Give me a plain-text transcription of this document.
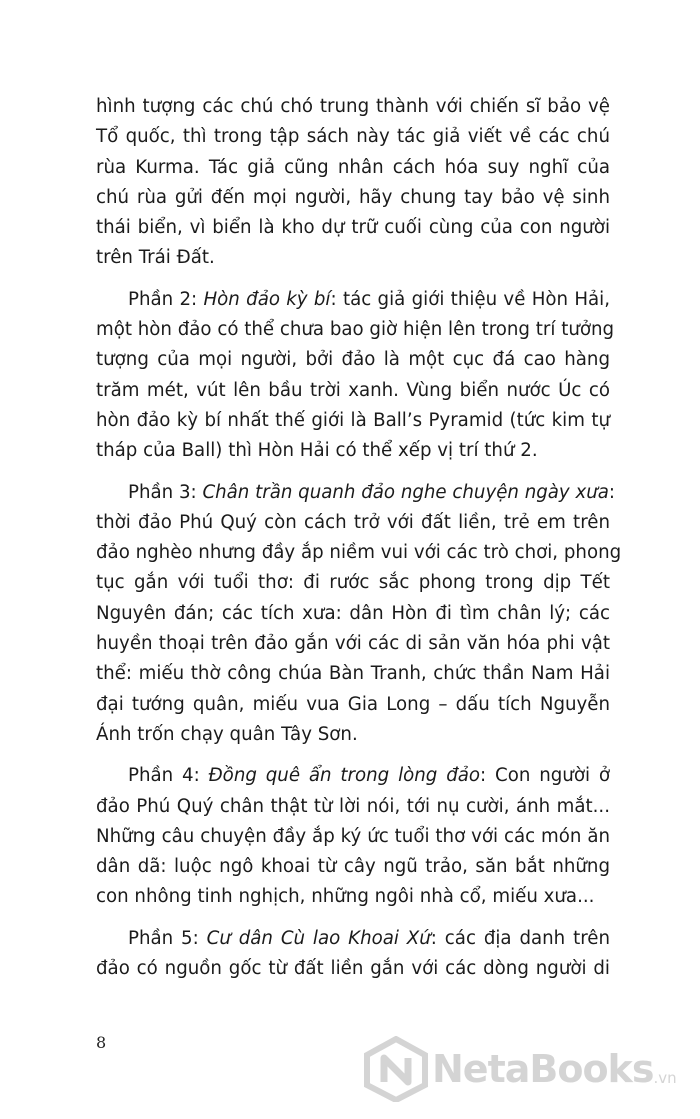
hình tượng các chú chó trung thành với chiến sĩ bảo vệ
Tổ quốc, thì trong tập sách này tác giả viết về các chú
rùa Kurma. Tác giả cũng nhân cách hóa suy nghĩ của
chú rùa gửi đến mọi người, hãy chung tay bảo vệ sinh
thái biển, vì biển là kho dự trữ cuối cùng của con người
trên Trái Đất.

Phần 2: Hòn đảo kỳ bí: tác giả giới thiệu về Hòn Hải,
một hòn đảo có thể chưa bao giờ hiện lên trong trí tưởng
tượng của mọi người, bởi đảo là một cục đá cao hàng
trăm mét, vút lên bầu trời xanh. Vùng biển nước Úc có
hòn đảo kỳ bí nhất thế giới là Ball’s Pyramid (tức kim tự
tháp của Ball) thì Hòn Hải có thể xếp vị trí thứ 2.

Phần 3: Chân trần quanh đảo nghe chuyện ngày xưa:
thời đảo Phú Quý còn cách trở với đất liền, trẻ em trên
đảo nghèo nhưng đầy ắp niềm vui với các trò chơi, phong
tục gắn với tuổi thơ: đi rước sắc phong trong dịp Tết
Nguyên đán; các tích xưa: dân Hòn đi tìm chân lý; các
huyền thoại trên đảo gắn với các di sản văn hóa phi vật
thể: miếu thờ công chúa Bàn Tranh, chức thần Nam Hải
đại tướng quân, miếu vua Gia Long – dấu tích Nguyễn
Ánh trốn chạy quân Tây Sơn.

Phần 4: Đồng quê ẩn trong lòng đảo: Con người ở
đảo Phú Quý chân thật từ lời nói, tới nụ cười, ánh mắt...
Những câu chuyện đầy ắp ký ức tuổi thơ với các món ăn
dân dã: luộc ngô khoai từ cây ngũ trảo, săn bắt những
con nhông tinh nghịch, những ngôi nhà cổ, miếu xưa...

Phần 5: Cư dân Cù lao Khoai Xứ: các địa danh trên
đảo có nguồn gốc từ đất liền gắn với các dòng người di

8
NetaBooks .vn
